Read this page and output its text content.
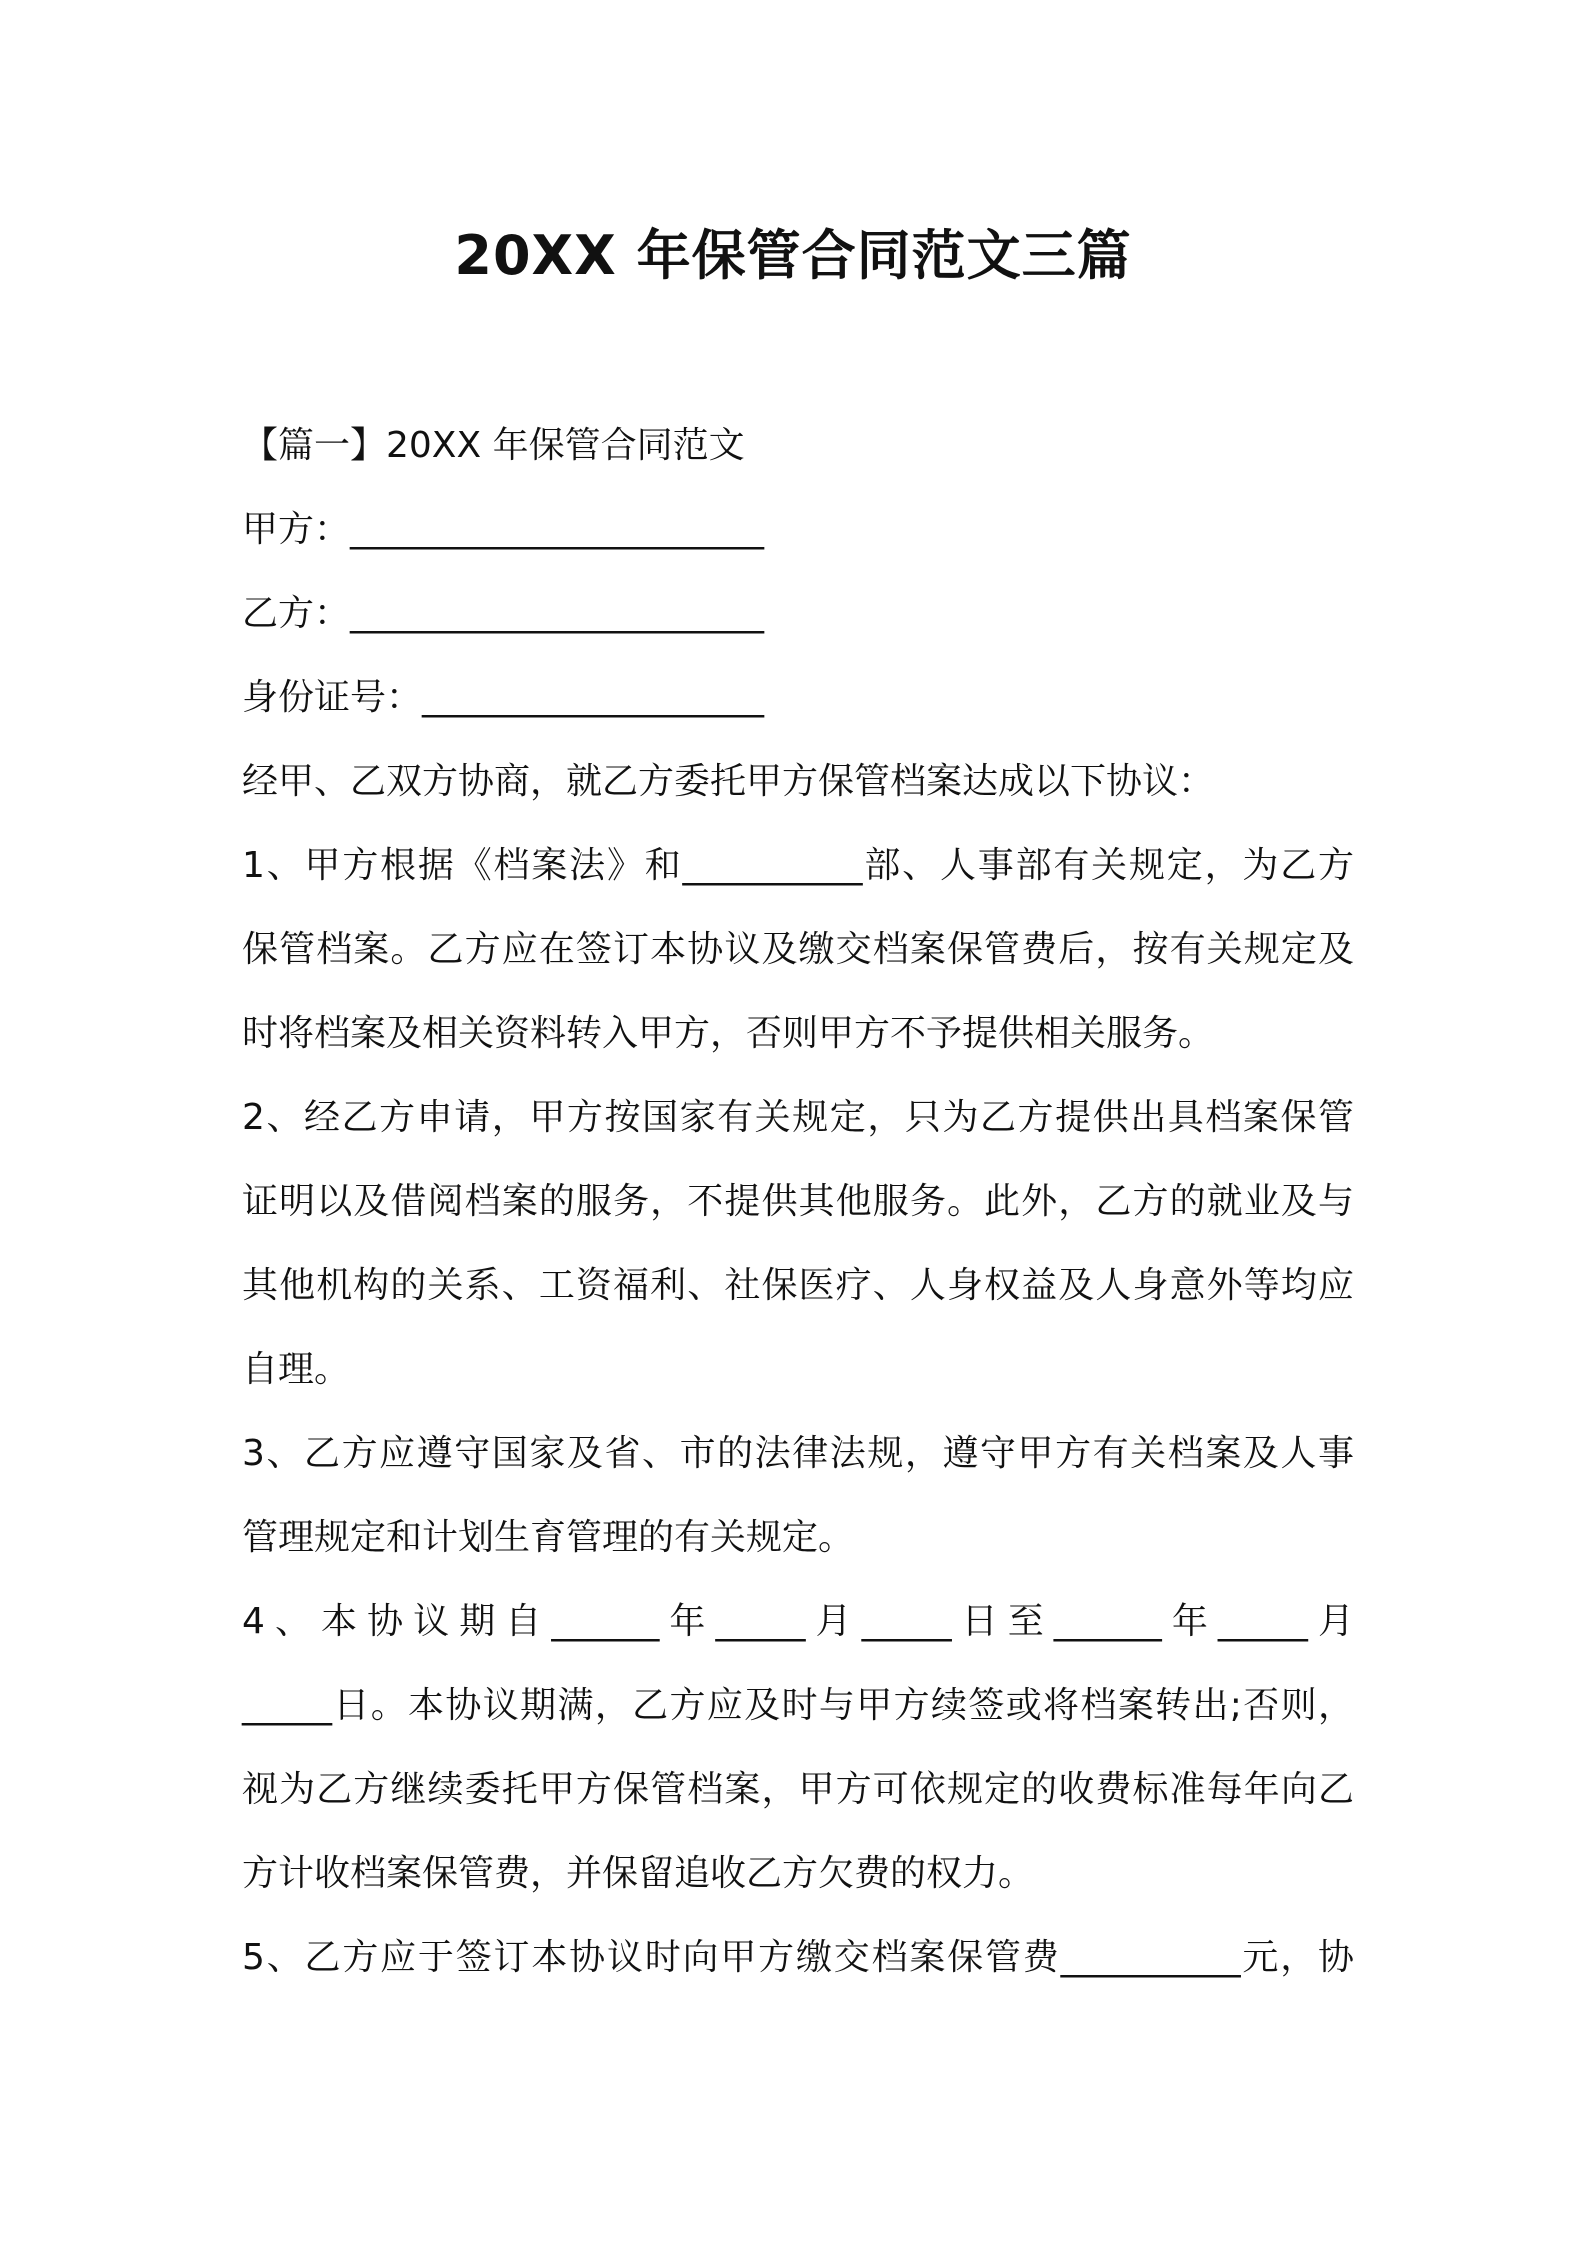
20XX 年保管合同范文三篇
【篇一】20XX 年保管合同范文
甲方：_______________________
乙方：_______________________
身份证号：___________________
经甲、乙双方协商，就乙方委托甲方保管档案达成以下协议：
1、甲方根据《档案法》和__________部、人事部有关规定，为乙方
保管档案。乙方应在签订本协议及缴交档案保管费后，按有关规定及
时将档案及相关资料转入甲方，否则甲方不予提供相关服务。
2、经乙方申请，甲方按国家有关规定，只为乙方提供出具档案保管
证明以及借阅档案的服务，不提供其他服务。此外，乙方的就业及与
其他机构的关系、工资福利、社保医疗、人身权益及人身意外等均应
自理。
3、乙方应遵守国家及省、市的法律法规，遵守甲方有关档案及人事
管理规定和计划生育管理的有关规定。
4、本协议期自______年_____月_____日至______年_____月
_____日。本协议期满，乙方应及时与甲方续签或将档案转出;否则，
视为乙方继续委托甲方保管档案，甲方可依规定的收费标准每年向乙
方计收档案保管费，并保留追收乙方欠费的权力。
5、乙方应于签订本协议时向甲方缴交档案保管费__________元，协
